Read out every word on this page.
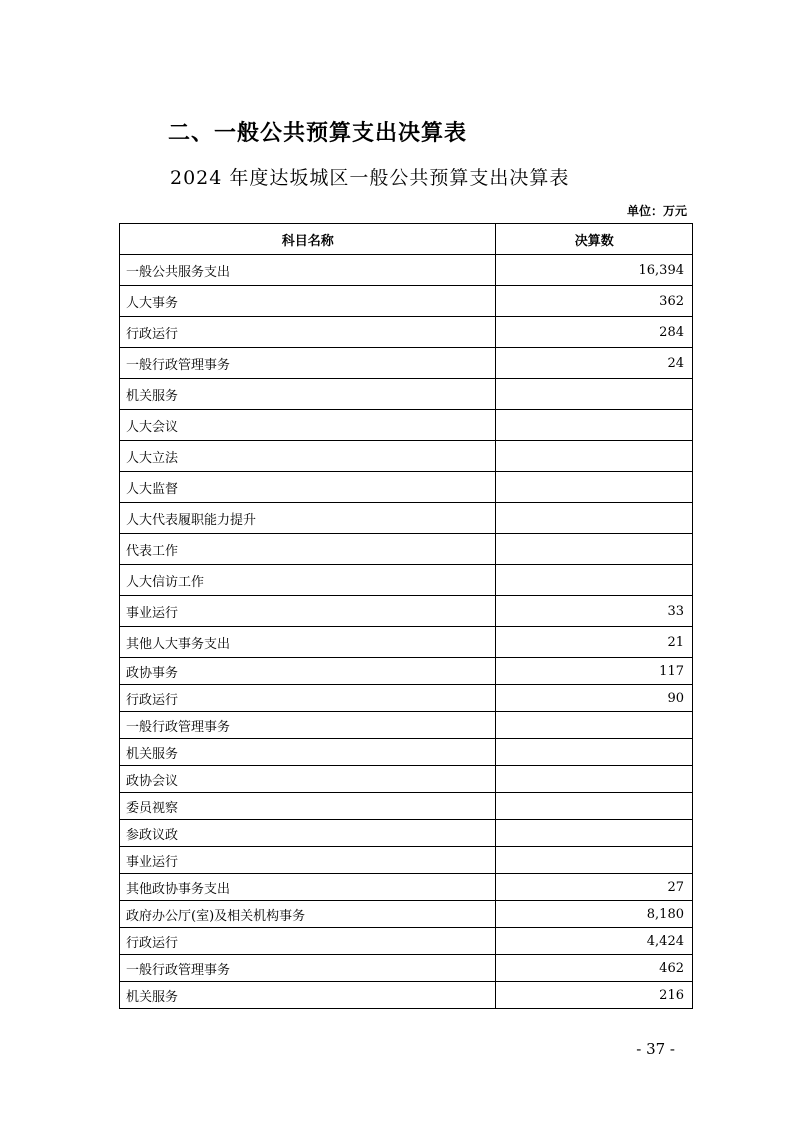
二、一般公共预算支出决算表
2024 年度达坂城区一般公共预算支出决算表
单位：万元
科目名称	决算数
一般公共服务支出	16,394
人大事务	362
行政运行	284
一般行政管理事务	24
机关服务	
人大会议	
人大立法	
人大监督	
人大代表履职能力提升	
代表工作	
人大信访工作	
事业运行	33
其他人大事务支出	21
政协事务	117
行政运行	90
一般行政管理事务	
机关服务	
政协会议	
委员视察	
参政议政	
事业运行	
其他政协事务支出	27
政府办公厅(室)及相关机构事务	8,180
行政运行	4,424
一般行政管理事务	462
机关服务	216
- 37 -
